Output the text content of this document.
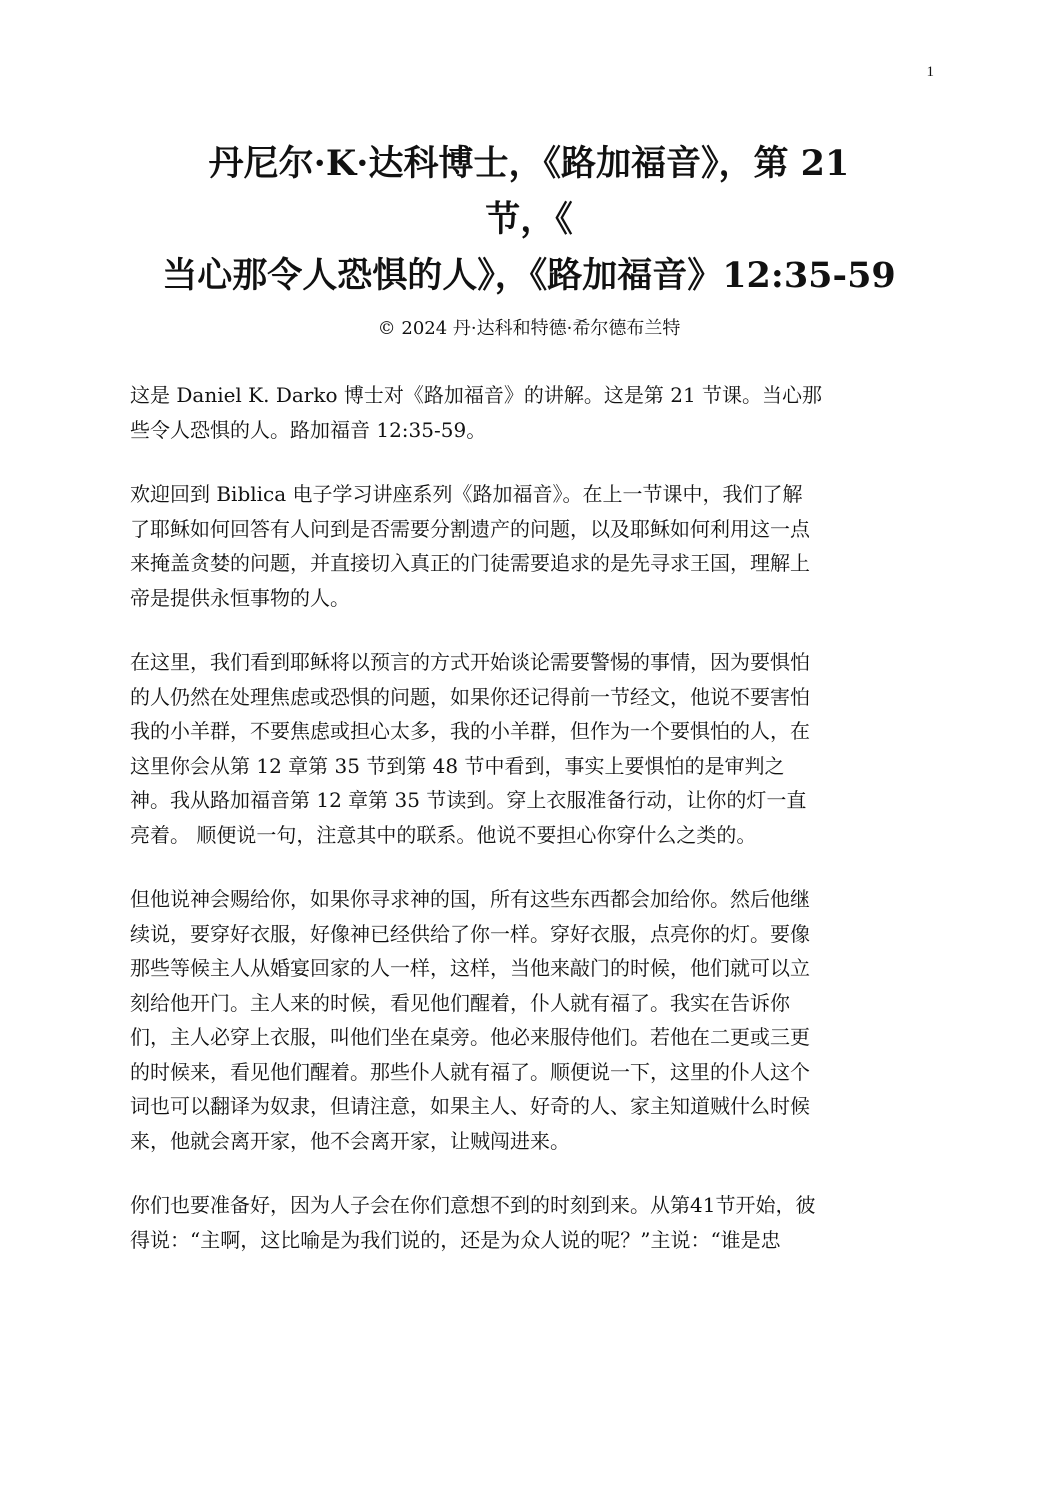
1
丹尼尔·K·达科博士，《路加福音》，第 21
节，《
当心那令人恐惧的人》，《路加福音》12:35-59
© 2024 丹·达科和特德·希尔德布兰特
这是 Daniel K. Darko 博士对《路加福音》的讲解。这是第 21 节课。当心那
些令人恐惧的人。路加福音 12:35-59。
欢迎回到 Biblica 电子学习讲座系列《路加福音》。在上一节课中，我们了解
了耶稣如何回答有人问到是否需要分割遗产的问题，以及耶稣如何利用这一点
来掩盖贪婪的问题，并直接切入真正的门徒需要追求的是先寻求王国，理解上
帝是提供永恒事物的人。
在这里，我们看到耶稣将以预言的方式开始谈论需要警惕的事情，因为要惧怕
的人仍然在处理焦虑或恐惧的问题，如果你还记得前一节经文，他说不要害怕
我的小羊群，不要焦虑或担心太多，我的小羊群，但作为一个要惧怕的人，在
这里你会从第 12 章第 35 节到第 48 节中看到，事实上要惧怕的是审判之
神。我从路加福音第 12 章第 35 节读到。穿上衣服准备行动，让你的灯一直
亮着。 顺便说一句，注意其中的联系。他说不要担心你穿什么之类的。
但他说神会赐给你，如果你寻求神的国，所有这些东西都会加给你。然后他继
续说，要穿好衣服，好像神已经供给了你一样。穿好衣服，点亮你的灯。要像
那些等候主人从婚宴回家的人一样，这样，当他来敲门的时候，他们就可以立
刻给他开门。主人来的时候，看见他们醒着，仆人就有福了。我实在告诉你
们，主人必穿上衣服，叫他们坐在桌旁。他必来服侍他们。若他在二更或三更
的时候来，看见他们醒着。那些仆人就有福了。顺便说一下，这里的仆人这个
词也可以翻译为奴隶，但请注意，如果主人、好奇的人、家主知道贼什么时候
来，他就会离开家，他不会离开家，让贼闯进来。
你们也要准备好，因为人子会在你们意想不到的时刻到来。从第41节开始，彼
得说：“主啊，这比喻是为我们说的，还是为众人说的呢？”主说：“谁是忠
